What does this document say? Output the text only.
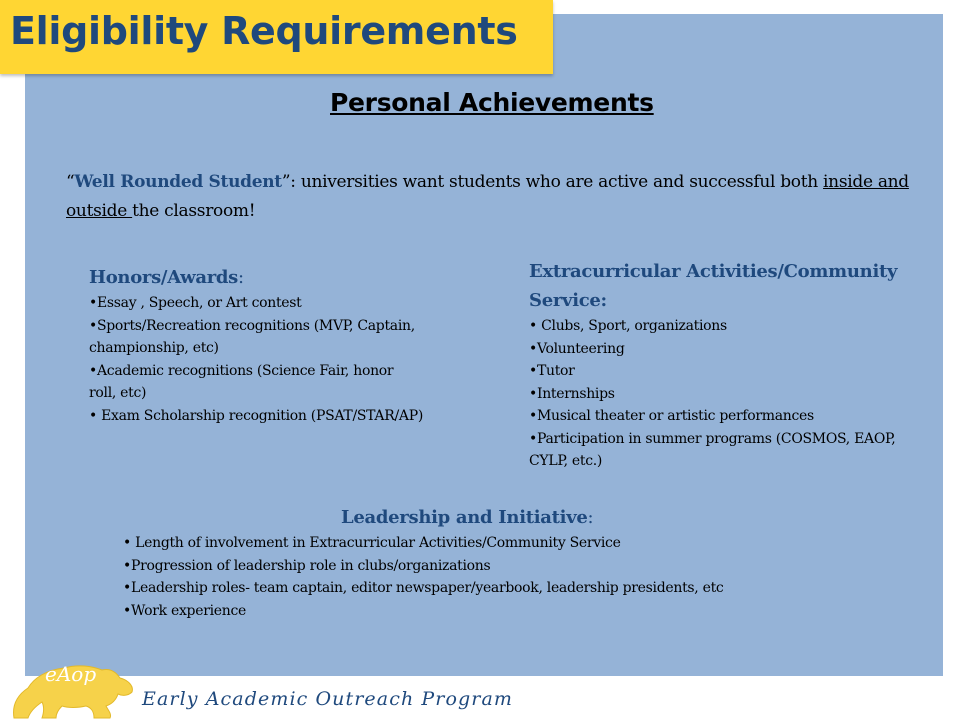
Eligibility Requirements
Personal Achievements
“Well Rounded Student”: universities want students who are active and successful both inside and outside the classroom!
Honors/Awards:
• Essay , Speech, or Art contest
• Sports/Recreation recognitions (MVP, Captain, championship, etc)
• Academic recognitions (Science Fair, honor roll, etc)
• Exam Scholarship recognition (PSAT/STAR/AP)
Extracurricular Activities/Community Service:
• Clubs, Sport, organizations
• Volunteering
• Tutor
• Internships
• Musical theater or artistic performances
• Participation in summer programs (COSMOS, EAOP, CYLP, etc.)
Leadership and Initiative:
• Length of involvement in Extracurricular Activities/Community Service
• Progression of leadership role in clubs/organizations
• Leadership roles- team captain, editor newspaper/yearbook, leadership presidents, etc
• Work experience
eAop
Early Academic Outreach Program
